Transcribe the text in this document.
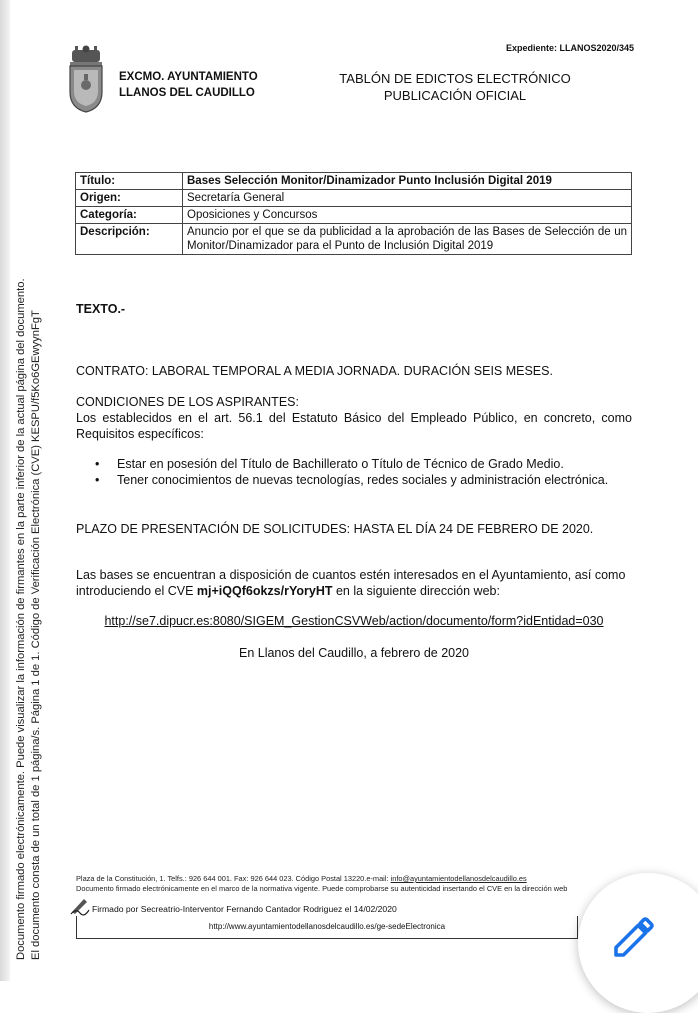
Documento firmado electrónicamente. Puede visualizar la información de firmantes en la parte inferior de la actual página del documento. El documento consta de un total de 1 página/s. Página 1 de 1. Código de Verificación Electrónica (CVE) KESPU/f5Ko6GEwyynFgT
Expediente: LLANOS2020/345
EXCMO. AYUNTAMIENTO
LLANOS DEL CAUDILLO
TABLÓN DE EDICTOS ELECTRÓNICO
PUBLICACIÓN OFICIAL
Título:	Bases Selección Monitor/Dinamizador Punto Inclusión Digital 2019
Origen:	Secretaría General
Categoría:	Oposiciones y Concursos
Descripción:	Anuncio por el que se da publicidad a la aprobación de las Bases de Selección de un Monitor/Dinamizador para el Punto de Inclusión Digital 2019
TEXTO.-
CONTRATO: LABORAL TEMPORAL A MEDIA JORNADA. DURACIÓN SEIS MESES.
CONDICIONES DE LOS ASPIRANTES:
Los establecidos en el art. 56.1 del Estatuto Básico del Empleado Público, en concreto, como Requisitos específicos:
• Estar en posesión del Título de Bachillerato o Título de Técnico de Grado Medio.
• Tener conocimientos de nuevas tecnologías, redes sociales y administración electrónica.
PLAZO DE PRESENTACIÓN DE SOLICITUDES: HASTA EL DÍA 24 DE FEBRERO DE 2020.
Las bases se encuentran a disposición de cuantos estén interesados en el Ayuntamiento, así como introduciendo el CVE mj+iQQf6okzs/rYoryHT en la siguiente dirección web:
http://se7.dipucr.es:8080/SIGEM_GestionCSVWeb/action/documento/form?idEntidad=030
En Llanos del Caudillo, a febrero de 2020
Plaza de la Constitución, 1. Telfs.: 926 644 001. Fax: 926 644 023. Código Postal 13220.e-mail: info@ayuntamientodellanosdelcaudillo.es
Documento firmado electrónicamente en el marco de la normativa vigente. Puede comprobarse su autenticidad insertando el CVE en la dirección web
Firmado por Secreatrio-Interventor Fernando Cantador Rodriguez el 14/02/2020
http://www.ayuntamientodellanosdelcaudillo.es/ge-sedeElectronica
